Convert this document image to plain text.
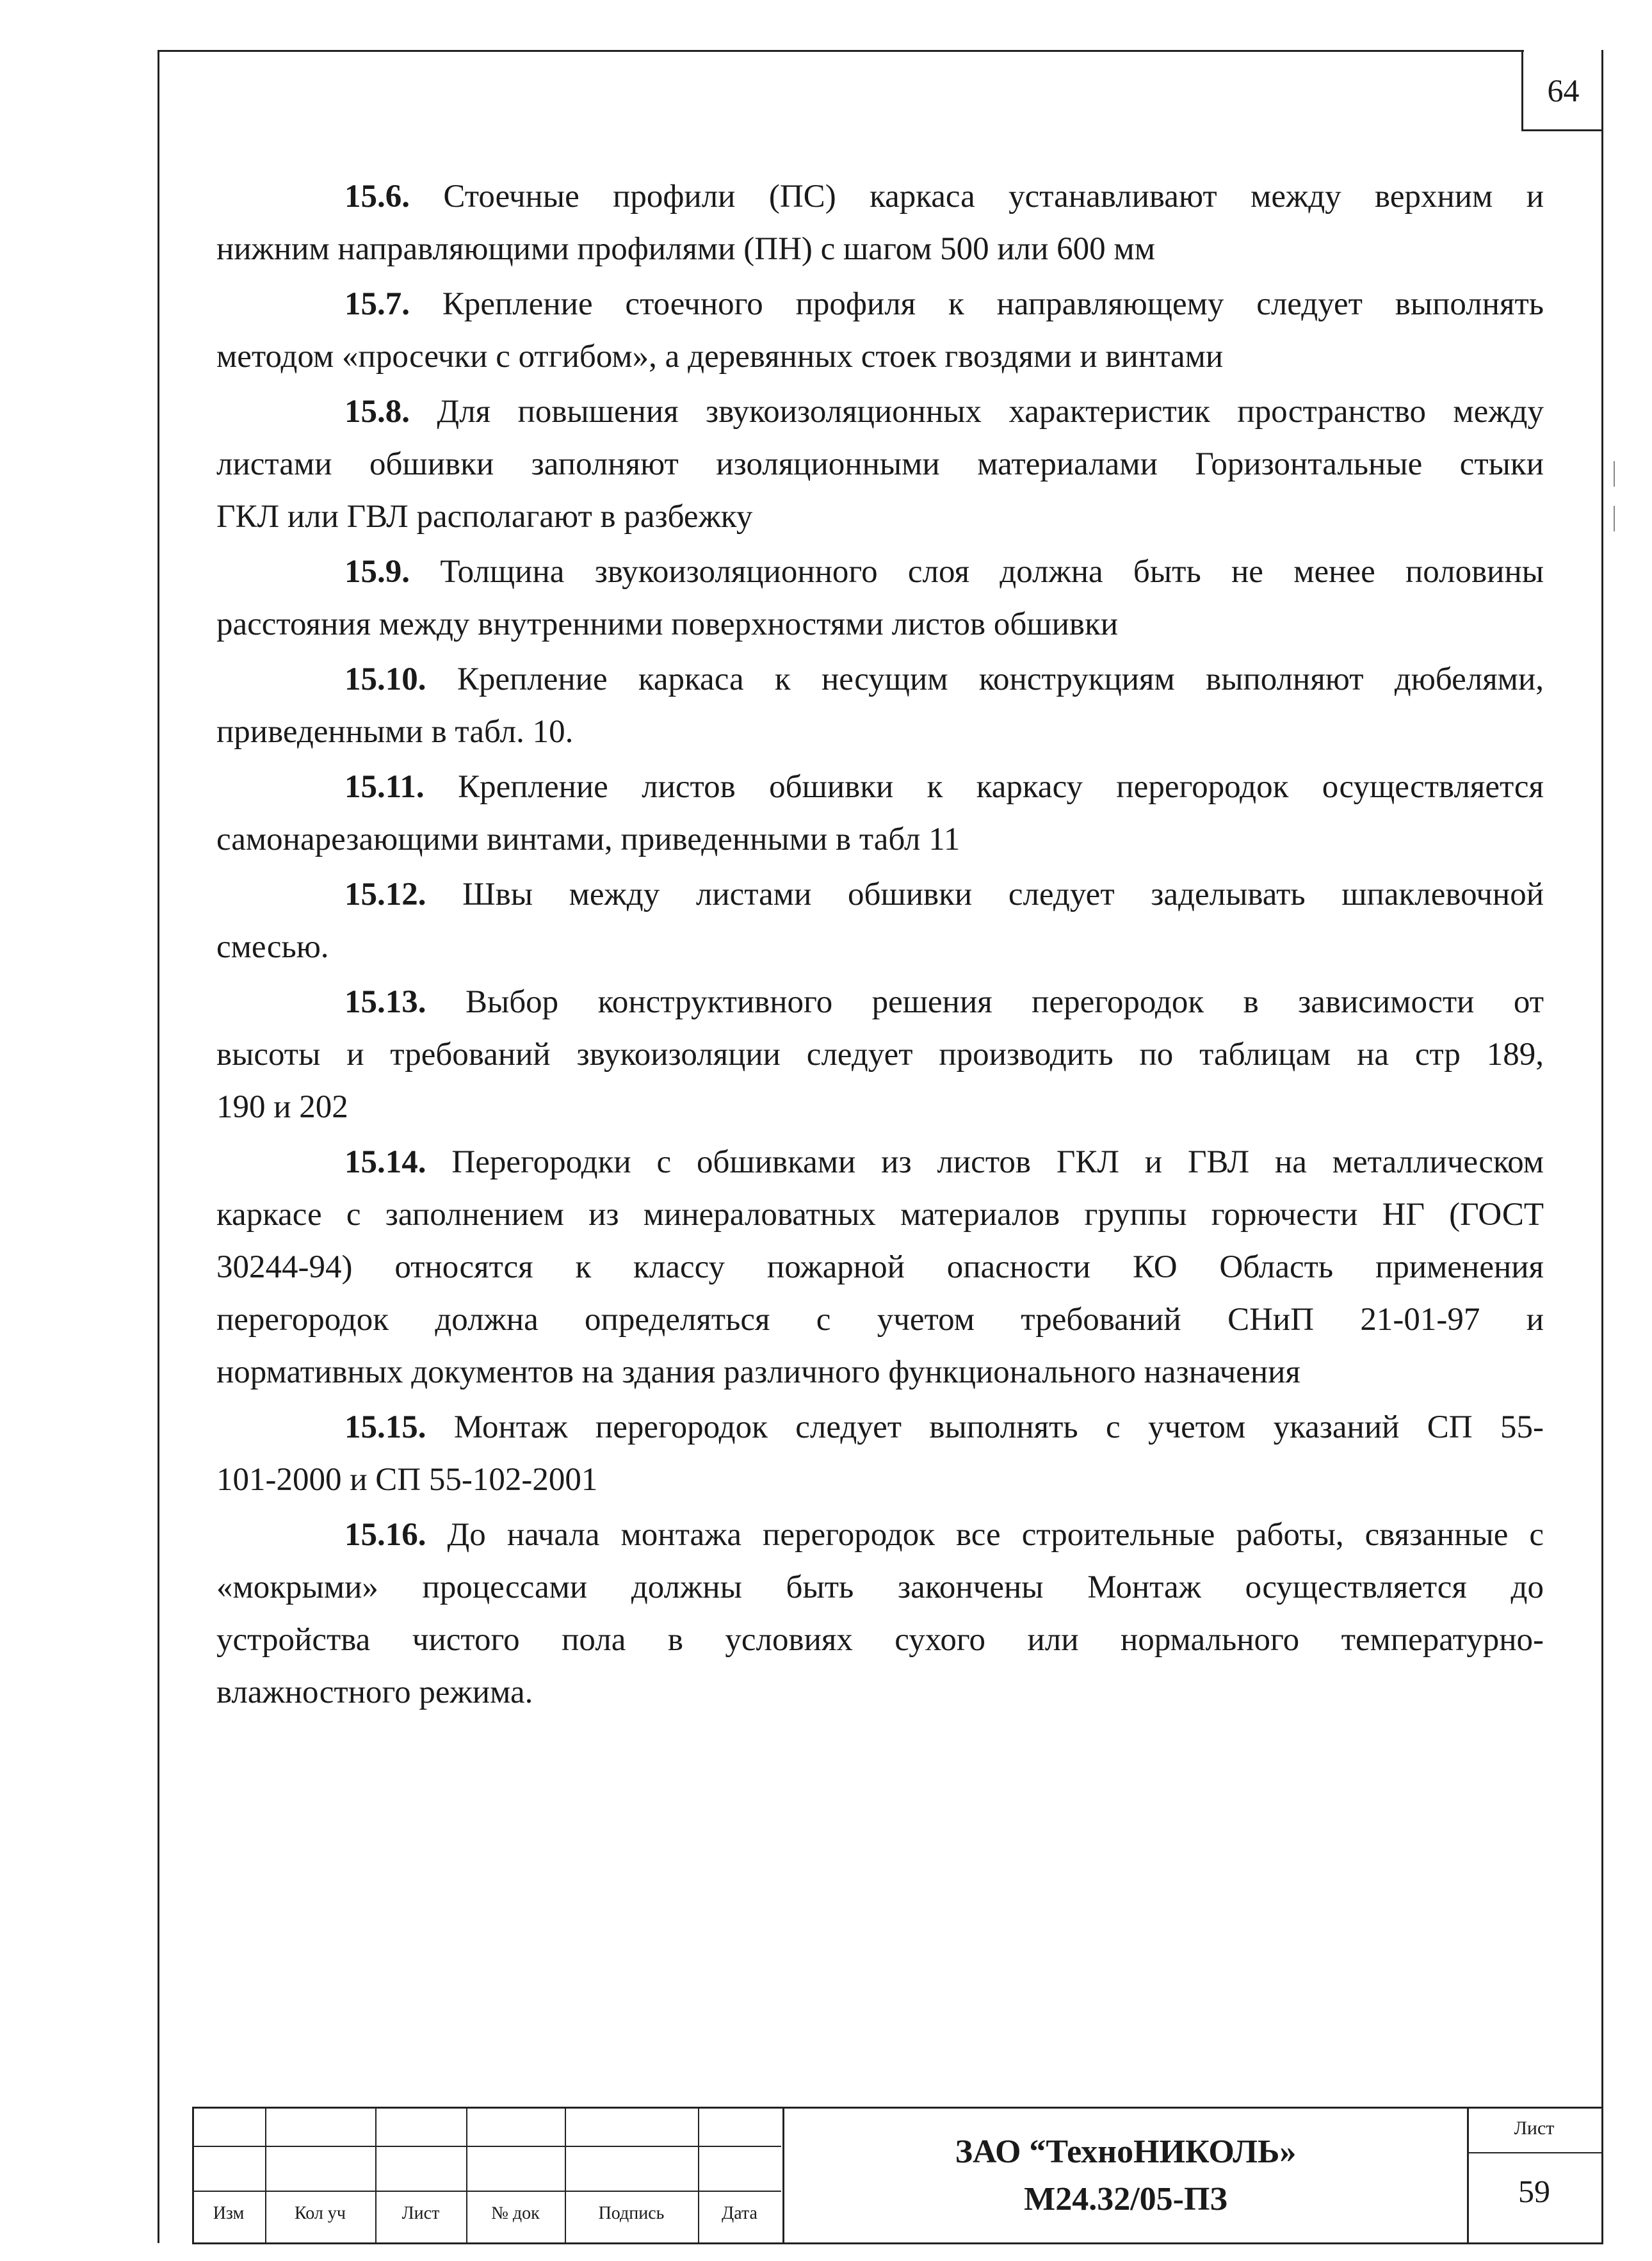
64
15.6. Стоечные профили (ПС) каркаса устанавливают между верхним и
нижним направляющими профилями (ПН) с шагом 500 или 600 мм
15.7. Крепление стоечного профиля к направляющему следует выполнять
методом «просечки с отгибом», а деревянных стоек гвоздями и винтами
15.8. Для повышения звукоизоляционных характеристик пространство между
листами обшивки заполняют изоляционными материалами Горизонтальные стыки
ГКЛ или ГВЛ располагают в разбежку
15.9. Толщина звукоизоляционного слоя должна быть не менее половины
расстояния между внутренними поверхностями листов обшивки
15.10. Крепление каркаса к несущим конструкциям выполняют дюбелями,
приведенными в табл. 10.
15.11. Крепление листов обшивки к каркасу перегородок осуществляется
самонарезающими винтами, приведенными в табл 11
15.12. Швы между листами обшивки следует заделывать шпаклевочной
смесью.
15.13. Выбор конструктивного решения перегородок в зависимости от
высоты и требований звукоизоляции следует производить по таблицам на стр 189,
190 и 202
15.14. Перегородки с обшивками из листов ГКЛ и ГВЛ на металлическом
каркасе с заполнением из минераловатных материалов группы горючести НГ (ГОСТ
30244-94) относятся к классу пожарной опасности КО Область применения
перегородок должна определяться с учетом требований СНиП 21-01-97 и
нормативных документов на здания различного функционального назначения
15.15. Монтаж перегородок следует выполнять с учетом указаний СП 55-
101-2000 и СП 55-102-2001
15.16. До начала монтажа перегородок все строительные работы, связанные с
«мокрыми» процессами должны быть закончены Монтаж осуществляется до
устройства чистого пола в условиях сухого или нормального температурно-
влажностного режима.
Изм	Кол уч	Лист	№ док	Подпись	Дата
ЗАО “ТехноНИКОЛЬ»
М24.32/05-ПЗ
Лист
59
